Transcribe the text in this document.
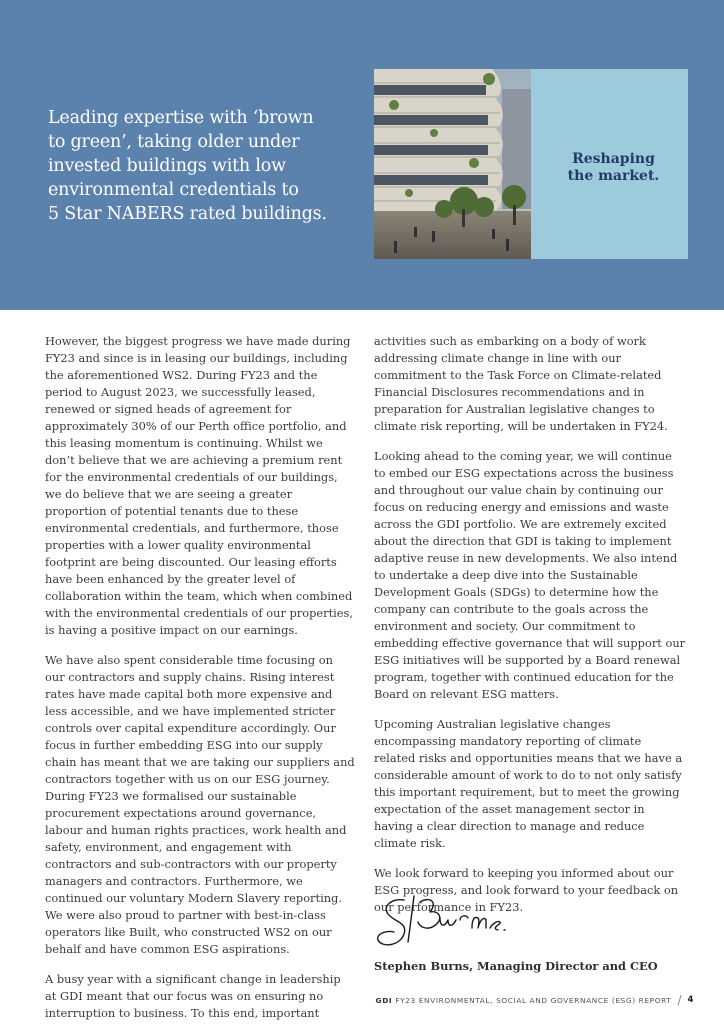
Leading expertise with ‘brown
to green’, taking older under
invested buildings with low
environmental credentials to
5 Star NABERS rated buildings.
Reshaping
the market.

However, the biggest progress we have made during FY23 and since is in leasing our buildings, including the aforementioned WS2. During FY23 and the period to August 2023, we successfully leased, renewed or signed heads of agreement for approximately 30% of our Perth office portfolio, and this leasing momentum is continuing. Whilst we don’t believe that we are achieving a premium rent for the environmental credentials of our buildings, we do believe that we are seeing a greater proportion of potential tenants due to these environmental credentials, and furthermore, those properties with a lower quality environmental footprint are being discounted. Our leasing efforts have been enhanced by the greater level of collaboration within the team, which when combined with the environmental credentials of our properties, is having a positive impact on our earnings.

We have also spent considerable time focusing on our contractors and supply chains. Rising interest rates have made capital both more expensive and less accessible, and we have implemented stricter controls over capital expenditure accordingly. Our focus in further embedding ESG into our supply chain has meant that we are taking our suppliers and contractors together with us on our ESG journey. During FY23 we formalised our sustainable procurement expectations around governance, labour and human rights practices, work health and safety, environment, and engagement with contractors and sub-contractors with our property managers and contractors. Furthermore, we continued our voluntary Modern Slavery reporting. We were also proud to partner with best-in-class operators like Built, who constructed WS2 on our behalf and have common ESG aspirations.

A busy year with a significant change in leadership at GDI meant that our focus was on ensuring no interruption to business. To this end, important

activities such as embarking on a body of work addressing climate change in line with our commitment to the Task Force on Climate-related Financial Disclosures recommendations and in preparation for Australian legislative changes to climate risk reporting, will be undertaken in FY24.

Looking ahead to the coming year, we will continue to embed our ESG expectations across the business and throughout our value chain by continuing our focus on reducing energy and emissions and waste across the GDI portfolio. We are extremely excited about the direction that GDI is taking to implement adaptive reuse in new developments. We also intend to undertake a deep dive into the Sustainable Development Goals (SDGs) to determine how the company can contribute to the goals across the environment and society. Our commitment to embedding effective governance that will support our ESG initiatives will be supported by a Board renewal program, together with continued education for the Board on relevant ESG matters.

Upcoming Australian legislative changes encompassing mandatory reporting of climate related risks and opportunities means that we have a considerable amount of work to do to not only satisfy this important requirement, but to meet the growing expectation of the asset management sector in having a clear direction to manage and reduce climate risk.

We look forward to keeping you informed about our ESG progress, and look forward to your feedback on our performance in FY23.

SlBurns.
Stephen Burns, Managing Director and CEO
GDI FY23 ENVIRONMENTAL, SOCIAL AND GOVERNANCE (ESG) REPORT / 4
